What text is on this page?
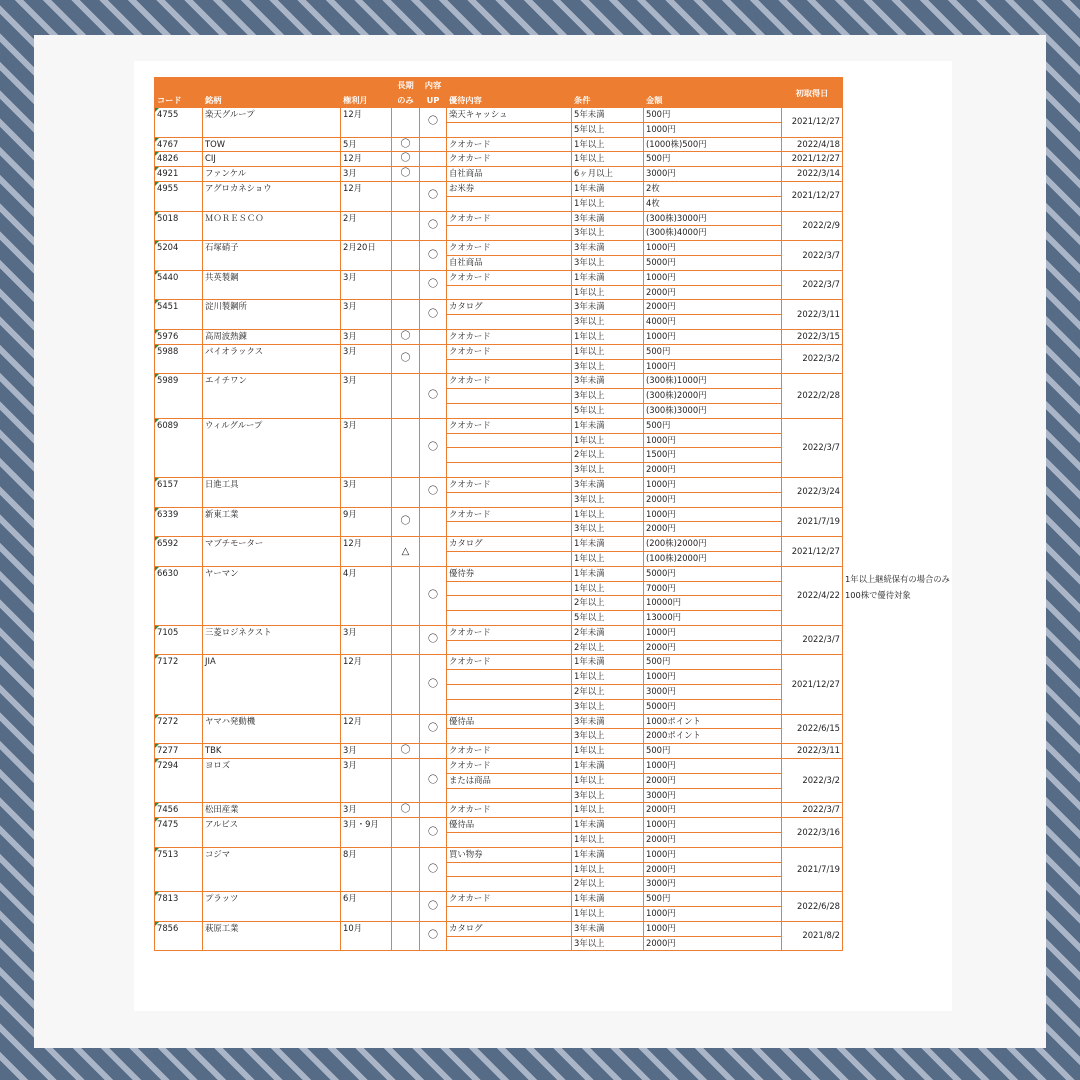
コード	銘柄	権利月	長期	内容	優待内容	条件	金額	初取得日
			のみ	UP				
4755	楽天グループ	12月		〇	楽天キャッシュ	5年未満	500円	2021/12/27
						5年以上	1000円	
4767	TOW	5月	〇		クオカード	1年以上	(1000株)500円	2022/4/18
4826	CIJ	12月	〇		クオカード	1年以上	500円	2021/12/27
4921	ファンケル	3月	〇		自社商品	6ヶ月以上	3000円	2022/3/14
4955	アグロカネショウ	12月		〇	お米券	1年未満	2枚	2021/12/27
						1年以上	4枚	
5018	ＭＯＲＥＳＣＯ	2月		〇	クオカード	3年未満	(300株)3000円	2022/2/9
						3年以上	(300株)4000円	
5204	石塚硝子	2月20日		〇	クオカード	3年未満	1000円	2022/3/7
					自社商品	3年以上	5000円	
5440	共英製鋼	3月		〇	クオカード	1年未満	1000円	2022/3/7
						1年以上	2000円	
5451	淀川製鋼所	3月		〇	カタログ	3年未満	2000円	2022/3/11
						3年以上	4000円	
5976	高周波熱錬	3月	〇		クオカード	1年以上	1000円	2022/3/15
5988	パイオラックス	3月	〇		クオカード	1年以上	500円	2022/3/2
						3年以上	1000円	
5989	エイチワン	3月		〇	クオカード	3年未満	(300株)1000円	2022/2/28
						3年以上	(300株)2000円	
						5年以上	(300株)3000円	
6089	ウィルグループ	3月		〇	クオカード	1年未満	500円	2022/3/7
						1年以上	1000円	
						2年以上	1500円	
						3年以上	2000円	
6157	日進工具	3月		〇	クオカード	3年未満	1000円	2022/3/24
						3年以上	2000円	
6339	新東工業	9月	〇		クオカード	1年以上	1000円	2021/7/19
						3年以上	2000円	
6592	マブチモーター	12月	△		カタログ	1年未満	(200株)2000円	2021/12/27
						1年以上	(100株)2000円	
6630	ヤーマン	4月		〇	優待券	1年未満	5000円	2022/4/22
						1年以上	7000円	
						2年以上	10000円	
						5年以上	13000円	
7105	三菱ロジネクスト	3月		〇	クオカード	2年未満	1000円	2022/3/7
						2年以上	2000円	
7172	JIA	12月		〇	クオカード	1年未満	500円	2021/12/27
						1年以上	1000円	
						2年以上	3000円	
						3年以上	5000円	
7272	ヤマハ発動機	12月		〇	優待品	3年未満	1000ポイント	2022/6/15
						3年以上	2000ポイント	
7277	TBK	3月	〇		クオカード	1年以上	500円	2022/3/11
7294	ヨロズ	3月		〇	クオカード	1年未満	1000円	2022/3/2
					または商品	1年以上	2000円	
						3年以上	3000円	
7456	松田産業	3月	〇		クオカード	1年以上	2000円	2022/3/7
7475	アルビス	3月・9月		〇	優待品	1年未満	1000円	2022/3/16
						1年以上	2000円	
7513	コジマ	8月		〇	買い物券	1年未満	1000円	2021/7/19
						1年以上	2000円	
						2年以上	3000円	
7813	プラッツ	6月		〇	クオカード	1年未満	500円	2022/6/28
						1年以上	1000円	
7856	萩原工業	10月		〇	カタログ	3年未満	1000円	2021/8/2
						3年以上	2000円	
1年以上継続保有の場合のみ100株で優待対象
